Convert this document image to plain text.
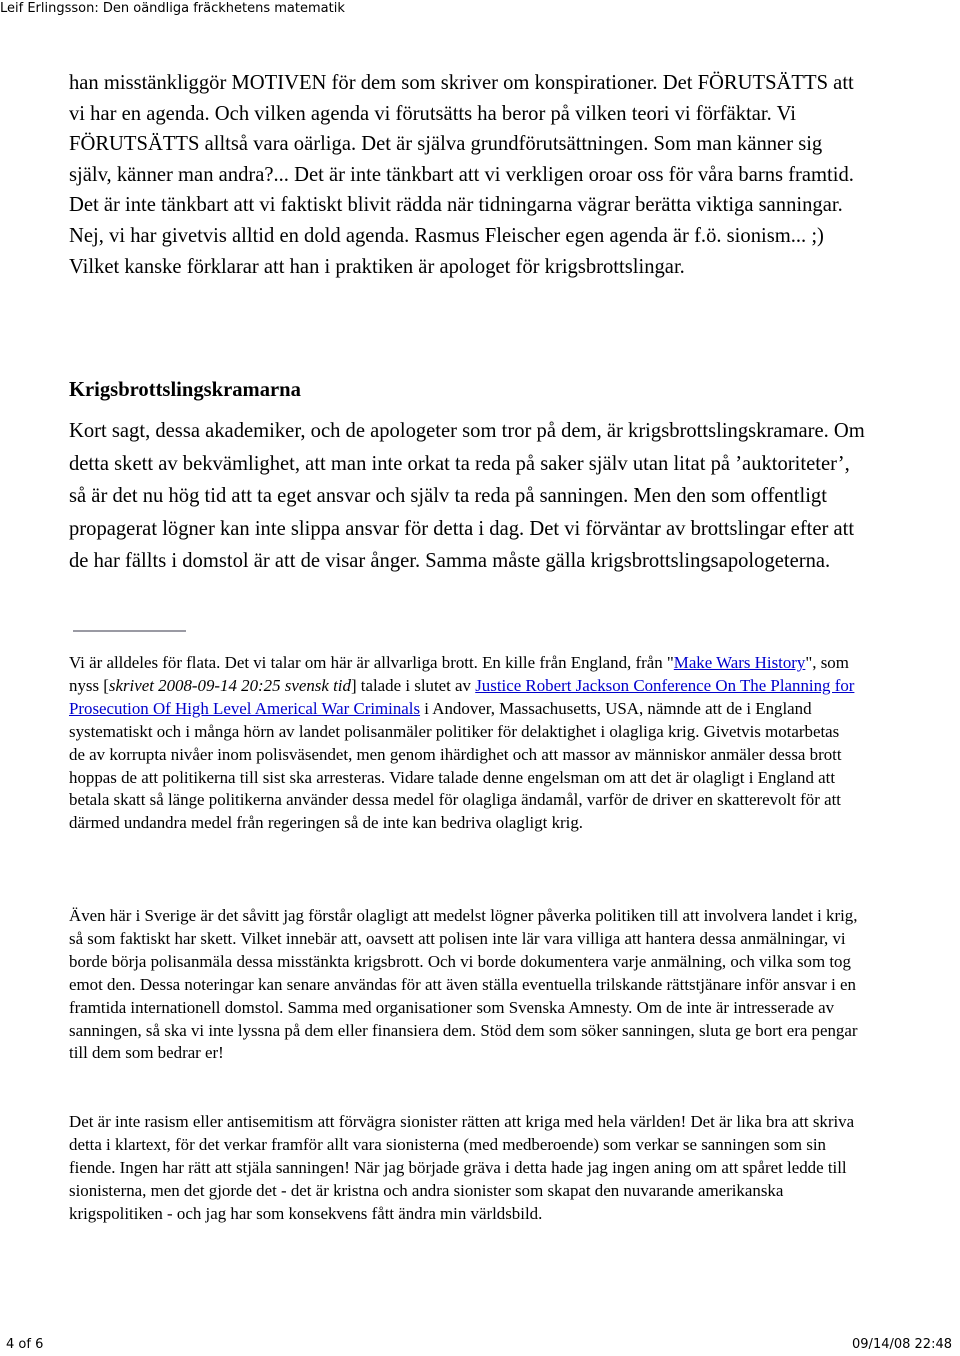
Leif Erlingsson: Den oändliga fräckhetens matematik

han misstänkliggör MOTIVEN för dem som skriver om konspirationer. Det FÖRUTSÄTTS att vi har en agenda. Och vilken agenda vi förutsätts ha beror på vilken teori vi förfäktar. Vi FÖRUTSÄTTS alltså vara oärliga. Det är själva grundförutsättningen. Som man känner sig själv, känner man andra?... Det är inte tänkbart att vi verkligen oroar oss för våra barns framtid. Det är inte tänkbart att vi faktiskt blivit rädda när tidningarna vägrar berätta viktiga sanningar. Nej, vi har givetvis alltid en dold agenda. Rasmus Fleischer egen agenda är f.ö. sionism... ;) Vilket kanske förklarar att han i praktiken är apologet för krigsbrottslingar.

Krigsbrottslingskramarna

Kort sagt, dessa akademiker, och de apologeter som tror på dem, är krigsbrottslingskramare. Om detta skett av bekvämlighet, att man inte orkat ta reda på saker själv utan litat på ’auktoriteter’, så är det nu hög tid att ta eget ansvar och själv ta reda på sanningen. Men den som offentligt propagerat lögner kan inte slippa ansvar för detta i dag. Det vi förväntar av brottslingar efter att de har fällts i domstol är att de visar ånger. Samma måste gälla krigsbrottslingsapologeterna.

Vi är alldeles för flata. Det vi talar om här är allvarliga brott. En kille från England, från "Make Wars History", som nyss [skrivet 2008-09-14 20:25 svensk tid] talade i slutet av Justice Robert Jackson Conference On The Planning for Prosecution Of High Level Americal War Criminals i Andover, Massachusetts, USA, nämnde att de i England systematiskt och i många hörn av landet polisanmäler politiker för delaktighet i olagliga krig. Givetvis motarbetas de av korrupta nivåer inom polisväsendet, men genom ihärdighet och att massor av människor anmäler dessa brott hoppas de att politikerna till sist ska arresteras. Vidare talade denne engelsman om att det är olagligt i England att betala skatt så länge politikerna använder dessa medel för olagliga ändamål, varför de driver en skatterevolt för att därmed undandra medel från regeringen så de inte kan bedriva olagligt krig.

Även här i Sverige är det såvitt jag förstår olagligt att medelst lögner påverka politiken till att involvera landet i krig, så som faktiskt har skett. Vilket innebär att, oavsett att polisen inte lär vara villiga att hantera dessa anmälningar, vi borde börja polisanmäla dessa misstänkta krigsbrott. Och vi borde dokumentera varje anmälning, och vilka som tog emot den. Dessa noteringar kan senare användas för att även ställa eventuella trilskande rättstjänare inför ansvar i en framtida internationell domstol. Samma med organisationer som Svenska Amnesty. Om de inte är intresserade av sanningen, så ska vi inte lyssna på dem eller finansiera dem. Stöd dem som söker sanningen, sluta ge bort era pengar till dem som bedrar er!

Det är inte rasism eller antisemitism att förvägra sionister rätten att kriga med hela världen! Det är lika bra att skriva detta i klartext, för det verkar framför allt vara sionisterna (med medberoende) som verkar se sanningen som sin fiende. Ingen har rätt att stjäla sanningen! När jag började gräva i detta hade jag ingen aning om att spåret ledde till sionisterna, men det gjorde det - det är kristna och andra sionister som skapat den nuvarande amerikanska krigspolitiken - och jag har som konsekvens fått ändra min världsbild.

4 of 6	09/14/08 22:48
